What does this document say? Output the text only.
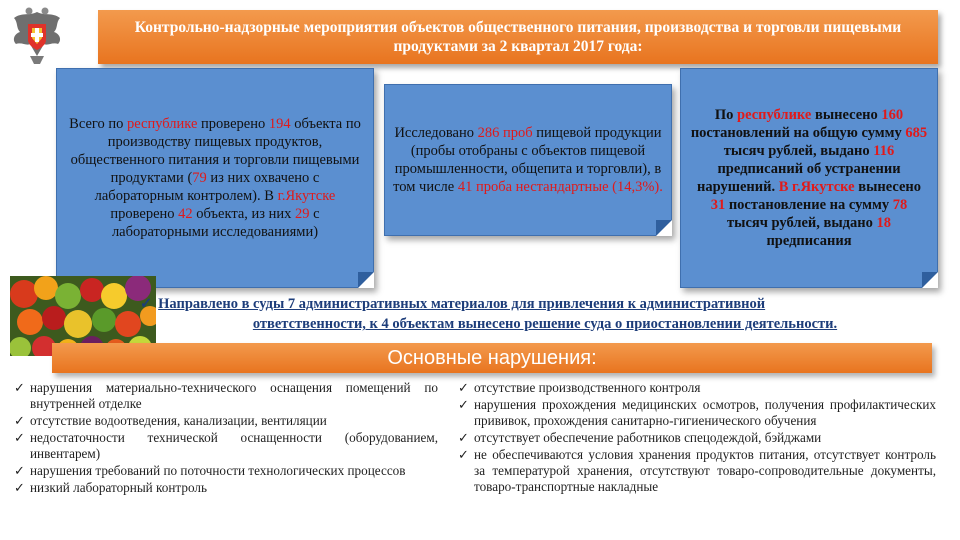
Контрольно-надзорные мероприятия объектов общественного питания, производства и торговли пищевыми продуктами за 2 квартал 2017 года:
Всего по республике проверено 194 объекта по производству пищевых продуктов, общественного питания и торговли пищевыми продуктами (79 из них охвачено с лабораторным контролем). В г.Якутске проверено 42 объекта, из них 29 с лабораторными исследованиями)
Исследовано 286 проб пищевой продукции (пробы отобраны с объектов пищевой промышленности, общепита и торговли), в том числе 41 проба нестандартные (14,3%).
По республике вынесено 160 постановлений на общую сумму 685 тысяч рублей, выдано 116 предписаний об устранении нарушений. В г.Якутске вынесено 31 постановление на сумму 78 тысяч рублей, выдано 18 предписания
✓ Направлено в суды 7 административных материалов для привлечения к административной
ответственности, к 4 объектам вынесено решение суда о приостановлении деятельности.
Основные нарушения:
✓ нарушения материально-технического оснащения помещений по внутренней отделке
✓ отсутствие водоотведения, канализации, вентиляции
✓ недостаточности технической оснащенности (оборудованием, инвентарем)
✓ нарушения требований по поточности технологических процессов
✓ низкий лабораторный контроль
✓ отсутствие производственного контроля
✓ нарушения прохождения медицинских осмотров, получения профилактических прививок, прохождения санитарно-гигиенического обучения
✓ отсутствует обеспечение работников спецодеждой, бэйджами
✓ не обеспечиваются условия хранения продуктов питания, отсутствует контроль за температурой хранения, отсутствуют товаро-сопроводительные документы, товаро-транспортные накладные
